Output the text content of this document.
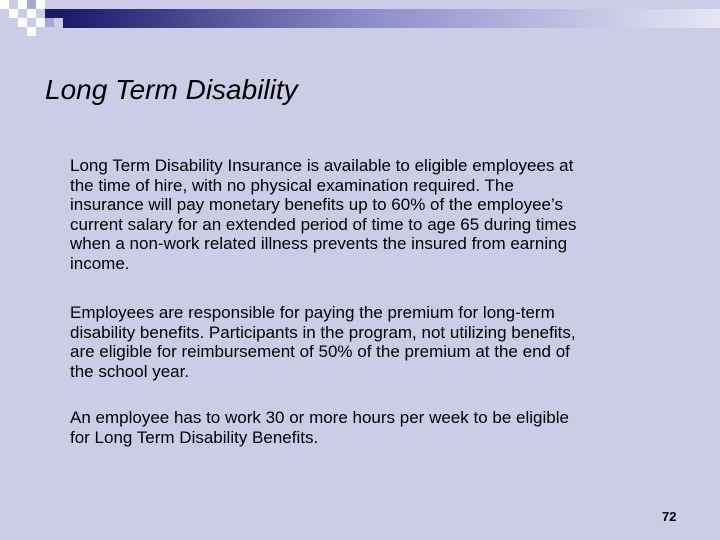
Long Term Disability

Long Term Disability Insurance is available to eligible employees at
the time of hire, with no physical examination required. The
insurance will pay monetary benefits up to 60% of the employee’s
current salary for an extended period of time to age 65 during times
when a non-work related illness prevents the insured from earning
income.

Employees are responsible for paying the premium for long-term
disability benefits. Participants in the program, not utilizing benefits,
are eligible for reimbursement of 50% of the premium at the end of
the school year.

An employee has to work 30 or more hours per week to be eligible
for Long Term Disability Benefits.

72
